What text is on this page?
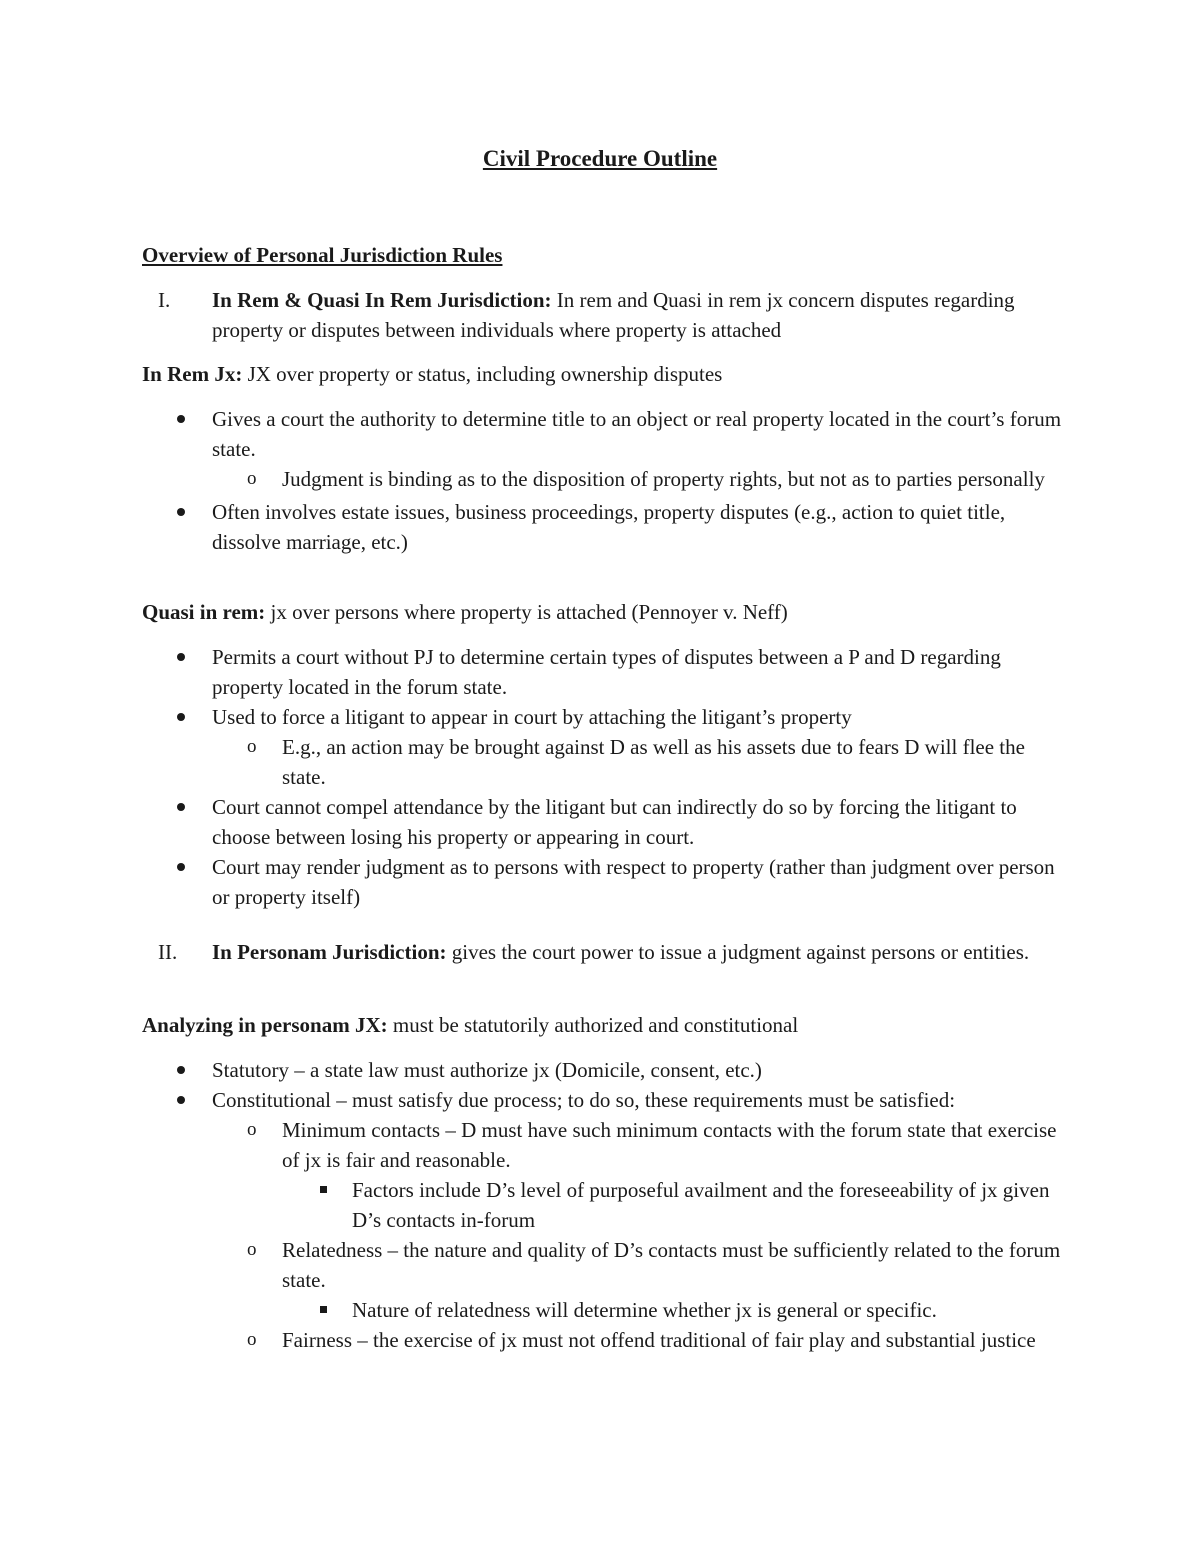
Civil Procedure Outline
Overview of Personal Jurisdiction Rules
I. In Rem & Quasi In Rem Jurisdiction: In rem and Quasi in rem jx concern disputes regarding property or disputes between individuals where property is attached
In Rem Jx: JX over property or status, including ownership disputes
Gives a court the authority to determine title to an object or real property located in the court’s forum state.
o Judgment is binding as to the disposition of property rights, but not as to parties personally
Often involves estate issues, business proceedings, property disputes (e.g., action to quiet title, dissolve marriage, etc.)
Quasi in rem: jx over persons where property is attached (Pennoyer v. Neff)
Permits a court without PJ to determine certain types of disputes between a P and D regarding property located in the forum state.
Used to force a litigant to appear in court by attaching the litigant’s property
o E.g., an action may be brought against D as well as his assets due to fears D will flee the state.
Court cannot compel attendance by the litigant but can indirectly do so by forcing the litigant to choose between losing his property or appearing in court.
Court may render judgment as to persons with respect to property (rather than judgment over person or property itself)
II. In Personam Jurisdiction: gives the court power to issue a judgment against persons or entities.
Analyzing in personam JX: must be statutorily authorized and constitutional
Statutory – a state law must authorize jx (Domicile, consent, etc.)
Constitutional – must satisfy due process; to do so, these requirements must be satisfied:
o Minimum contacts – D must have such minimum contacts with the forum state that exercise of jx is fair and reasonable.
Factors include D’s level of purposeful availment and the foreseeability of jx given D’s contacts in-forum
o Relatedness – the nature and quality of D’s contacts must be sufficiently related to the forum state.
Nature of relatedness will determine whether jx is general or specific.
o Fairness – the exercise of jx must not offend traditional of fair play and substantial justice
